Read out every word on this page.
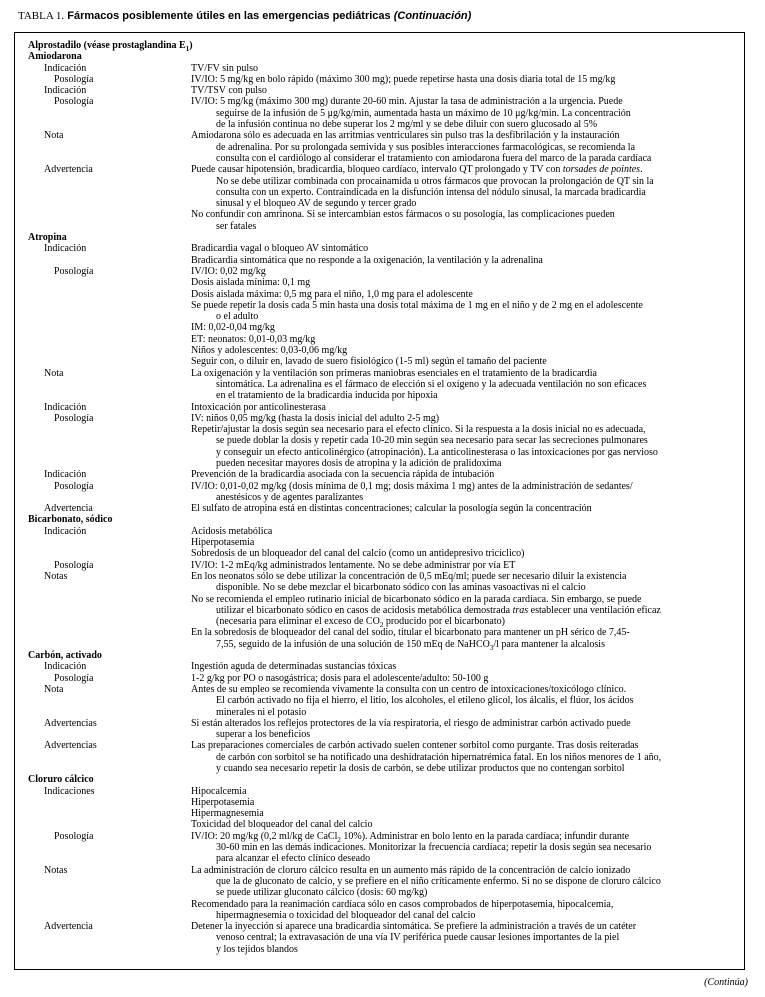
TABLA 1. Fármacos posiblemente útiles en las emergencias pediátricas (Continuación)
Alprostadilo (véase prostaglandina $E_1$)
Amiodarona
Indicación	TV/FV sin pulso
Posología	IV/IO: 5 mg/kg en bolo rápido (máximo 300 mg); puede repetirse hasta una dosis diaria total de 15 mg/kg
Indicación	TV/TSV con pulso
Posología	IV/IO: 5 mg/kg (máximo 300 mg) durante 20-60 min. Ajustar la tasa de administración a la urgencia. Puede
seguirse de la infusión de 5 μg/kg/min, aumentada hasta un máximo de 10 μg/kg/min. La concentración
de la infusión continua no debe superar los 2 mg/ml y se debe diluir con suero glucosado al 5%
Nota	Amiodarona sólo es adecuada en las arritmias ventriculares sin pulso tras la desfibrilación y la instauración
de adrenalina. Por su prolongada semivida y sus posibles interacciones farmacológicas, se recomienda la
consulta con el cardiólogo al considerar el tratamiento con amiodarona fuera del marco de la parada cardíaca
Advertencia	Puede causar hipotensión, bradicardia, bloqueo cardíaco, intervalo QT prolongado y TV con torsades de pointes.
No se debe utilizar combinada con procainamida u otros fármacos que provocan la prolongación de QT sin la
consulta con un experto. Contraindicada en la disfunción intensa del nódulo sinusal, la marcada bradicardia
sinusal y el bloqueo AV de segundo y tercer grado
No confundir con amrinona. Si se intercambian estos fármacos o su posología, las complicaciones pueden
ser fatales
Atropina
Indicación	Bradicardia vagal o bloqueo AV sintomático
Bradicardia sintomática que no responde a la oxigenación, la ventilación y la adrenalina
Posología	IV/IO: 0,02 mg/kg
Dosis aislada mínima: 0,1 mg
Dosis aislada máxima: 0,5 mg para el niño, 1,0 mg para el adolescente
Se puede repetir la dosis cada 5 min hasta una dosis total máxima de 1 mg en el niño y de 2 mg en el adolescente
o el adulto
IM: 0,02-0,04 mg/kg
ET: neonatos: 0,01-0,03 mg/kg
Niños y adolescentes: 0,03-0,06 mg/kg
Seguir con, o diluir en, lavado de suero fisiológico (1-5 ml) según el tamaño del paciente
Nota	La oxigenación y la ventilación son primeras maniobras esenciales en el tratamiento de la bradicardia
sintomática. La adrenalina es el fármaco de elección si el oxígeno y la adecuada ventilación no son eficaces
en el tratamiento de la bradicardia inducida por hipoxia
Indicación	Intoxicación por anticolinesterasa
Posología	IV: niños 0,05 mg/kg (hasta la dosis inicial del adulto 2-5 mg)
Repetir/ajustar la dosis según sea necesario para el efecto clínico. Si la respuesta a la dosis inicial no es adecuada,
se puede doblar la dosis y repetir cada 10-20 min según sea necesario para secar las secreciones pulmonares
y conseguir un efecto anticolinérgico (atropinación). La anticolinesterasa o las intoxicaciones por gas nervioso
pueden necesitar mayores dosis de atropina y la adición de pralidoxima
Indicación	Prevención de la bradicardia asociada con la secuencia rápida de intubación
Posología	IV/IO: 0,01-0,02 mg/kg (dosis mínima de 0,1 mg; dosis máxima 1 mg) antes de la administración de sedantes/
anestésicos y de agentes paralizantes
Advertencia	El sulfato de atropina está en distintas concentraciones; calcular la posología según la concentración
Bicarbonato, sódico
Indicación	Acidosis metabólica
Hiperpotasemia
Sobredosis de un bloqueador del canal del calcio (como un antidepresivo tricíclico)
Posología	IV/IO: 1-2 mEq/kg administrados lentamente. No se debe administrar por vía ET
Notas	En los neonatos sólo se debe utilizar la concentración de 0,5 mEq/ml; puede ser necesario diluir la existencia
disponible. No se debe mezclar el bicarbonato sódico con las aminas vasoactivas ni el calcio
No se recomienda el empleo rutinario inicial de bicarbonato sódico en la parada cardíaca. Sin embargo, se puede
utilizar el bicarbonato sódico en casos de acidosis metabólica demostrada tras establecer una ventilación eficaz
(necesaria para eliminar el exceso de $CO_2$ producido por el bicarbonato)
En la sobredosis de bloqueador del canal del sodio, titular el bicarbonato para mantener un pH sérico de 7,45-
7,55, seguido de la infusión de una solución de 150 mEq de NaHCO$_3$/l para mantener la alcalosis
Carbón, activado
Indicación	Ingestión aguda de determinadas sustancias tóxicas
Posología	1-2 g/kg por PO o nasogástrica; dosis para el adolescente/adulto: 50-100 g
Nota	Antes de su empleo se recomienda vivamente la consulta con un centro de intoxicaciones/toxicólogo clínico.
El carbón activado no fija el hierro, el litio, los alcoholes, el etileno glicol, los álcalis, el flúor, los ácidos
minerales ni el potasio
Advertencias	Si están alterados los reflejos protectores de la vía respiratoria, el riesgo de administrar carbón activado puede
superar a los beneficios
Advertencias	Las preparaciones comerciales de carbón activado suelen contener sorbitol como purgante. Tras dosis reiteradas
de carbón con sorbitol se ha notificado una deshidratación hipernatrémica fatal. En los niños menores de 1 año,
y cuando sea necesario repetir la dosis de carbón, se debe utilizar productos que no contengan sorbitol
Cloruro cálcico
Indicaciones	Hipocalcemia
Hiperpotasemia
Hipermagnesemia
Toxicidad del bloqueador del canal del calcio
Posología	IV/IO: 20 mg/kg (0,2 ml/kg de CaCl$_2$ 10%). Administrar en bolo lento en la parada cardíaca; infundir durante
30-60 min en las demás indicaciones. Monitorizar la frecuencia cardíaca; repetir la dosis según sea necesario
para alcanzar el efecto clínico deseado
Notas	La administración de cloruro cálcico resulta en un aumento más rápido de la concentración de calcio ionizado
que la de gluconato de calcio, y se prefiere en el niño críticamente enfermo. Si no se dispone de cloruro cálcico
se puede utilizar gluconato cálcico (dosis: 60 mg/kg)
Recomendado para la reanimación cardíaca sólo en casos comprobados de hiperpotasemia, hipocalcemia,
hipermagnesemia o toxicidad del bloqueador del canal del calcio
Advertencia	Detener la inyección si aparece una bradicardia sintomática. Se prefiere la administración a través de un catéter
venoso central; la extravasación de una vía IV periférica puede causar lesiones importantes de la piel
y los tejidos blandos
(Continúa)
